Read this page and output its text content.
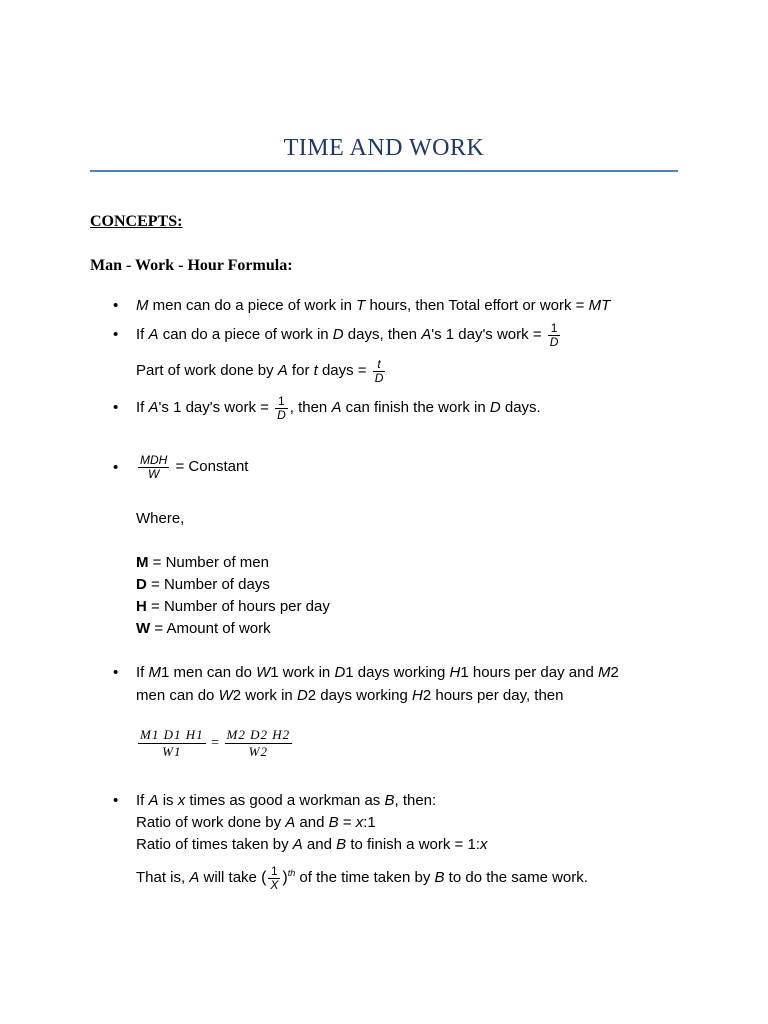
TIME AND WORK
CONCEPTS:
Man - Work - Hour Formula:
• M men can do a piece of work in T hours, then Total effort or work = MT
• If A can do a piece of work in D days, then A's 1 day's work = $\frac{1}{D}$
Part of work done by A for t days = $\frac{t}{D}$
• If A's 1 day's work = $\frac{1}{D}$ , then A can finish the work in D days.
• $\frac{\text{MDH}}{W}$ = Constant
Where,
M = Number of men
D = Number of days
H = Number of hours per day
W = Amount of work
• If M1 men can do W1 work in D1 days working H1 hours per day and M2
men can do W2 work in D2 days working H2 hours per day, then
$\frac{M1 D1 H1}{W1} = \frac{M2 D2 H2}{W2}$
• If A is x times as good a workman as B, then:
Ratio of work done by A and B = x:1
Ratio of times taken by A and B to finish a work = 1:x
That is, A will take ( $\frac{1}{X} )^{th}$ of the time taken by B to do the same work.
